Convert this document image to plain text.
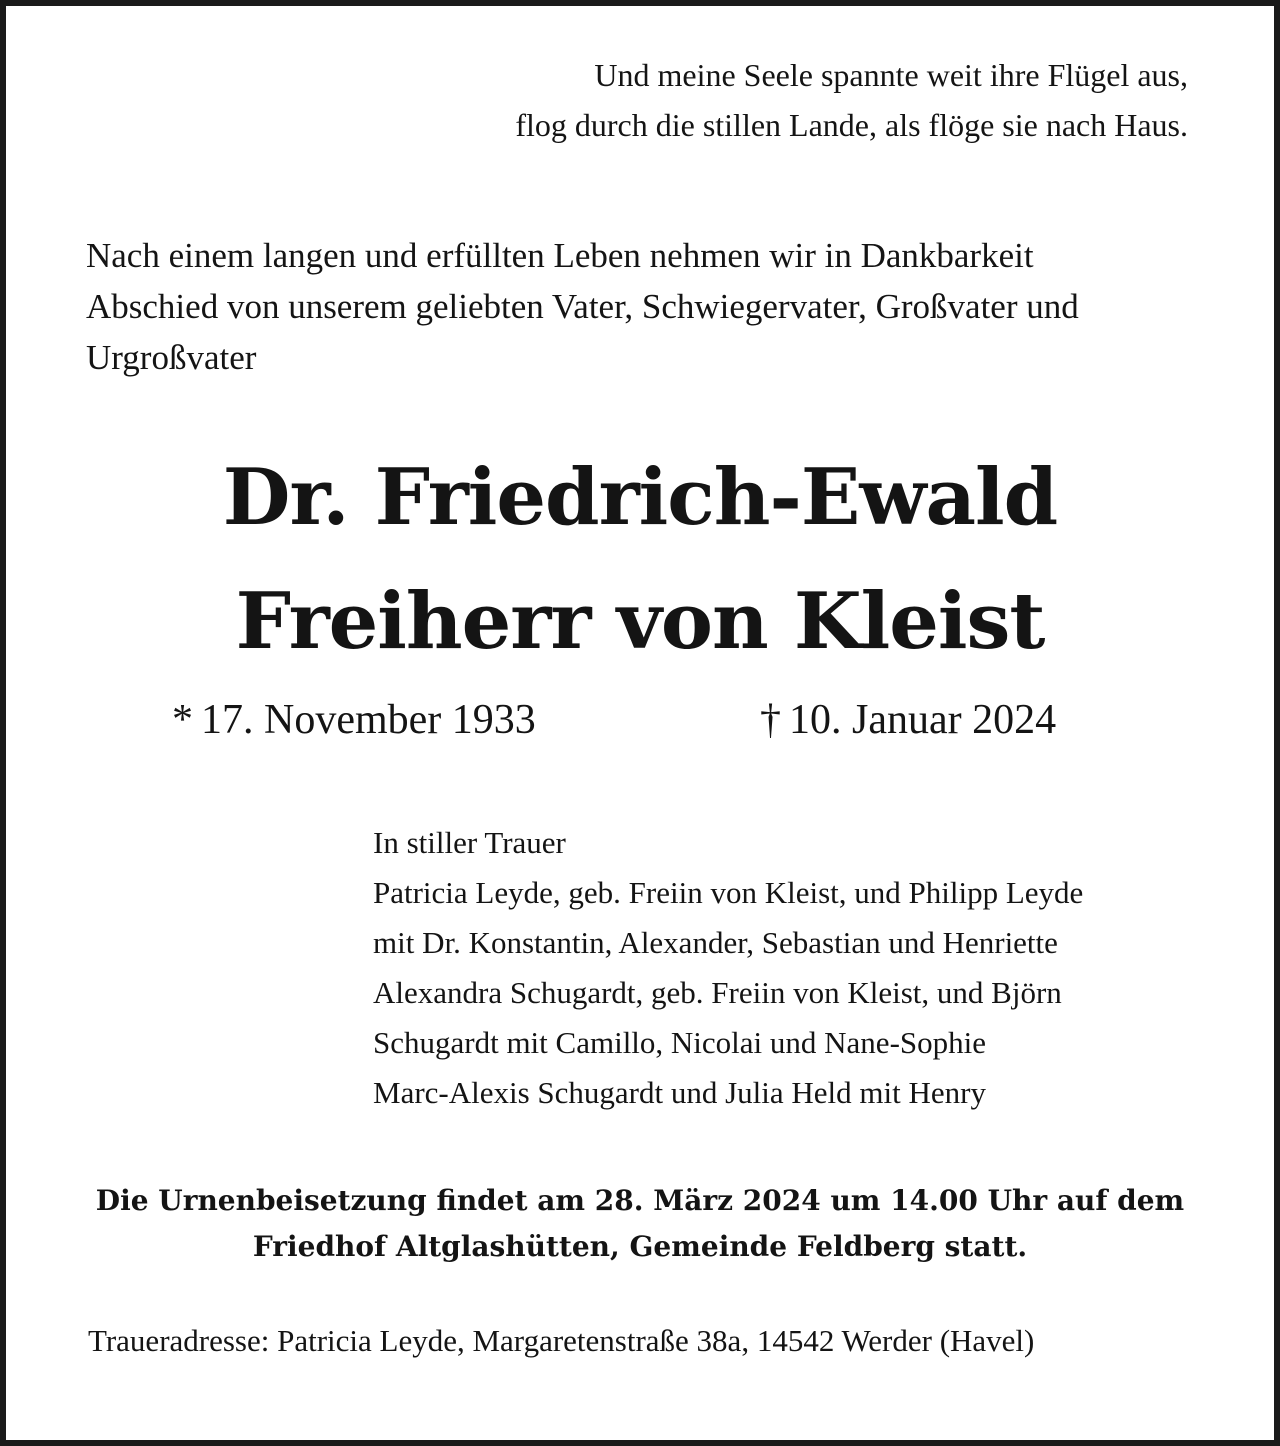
Und meine Seele spannte weit ihre Flügel aus,
flog durch die stillen Lande, als flöge sie nach Haus.
Nach einem langen und erfüllten Leben nehmen wir in Dankbarkeit
Abschied von unserem geliebten Vater, Schwiegervater, Großvater und
Urgroßvater
Dr. Friedrich-Ewald
Freiherr von Kleist
* 17. November 1933	† 10. Januar 2024
In stiller Trauer
Patricia Leyde, geb. Freiin von Kleist, und Philipp Leyde
mit Dr. Konstantin, Alexander, Sebastian und Henriette
Alexandra Schugardt, geb. Freiin von Kleist, und Björn
Schugardt mit Camillo, Nicolai und Nane-Sophie
Marc-Alexis Schugardt und Julia Held mit Henry
Die Urnenbeisetzung findet am 28. März 2024 um 14.00 Uhr auf dem
Friedhof Altglashütten, Gemeinde Feldberg statt.
Traueradresse: Patricia Leyde, Margaretenstraße 38a, 14542 Werder (Havel)
